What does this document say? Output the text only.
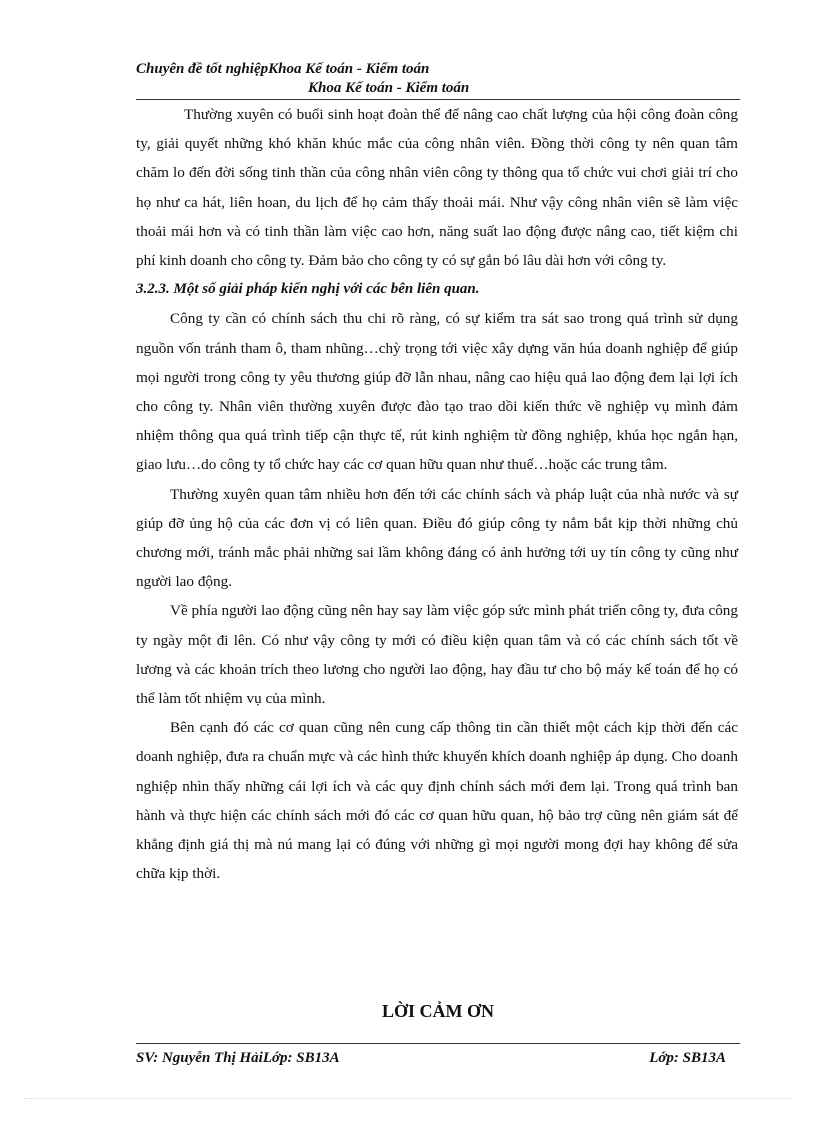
Chuyên đề tốt nghiệpKhoa Kế toán - Kiểm toán
Khoa Kế toán - Kiểm toán

Thường xuyên có buổi sinh hoạt đoàn thể để nâng cao chất lượng của hội công đoàn công ty, giải quyết những khó khăn khúc mắc của công nhân viên. Đồng thời công ty nên quan tâm chăm lo đến đời sống tinh thần của công nhân viên công ty thông qua tổ chức vui chơi giải trí cho họ như ca hát, liên hoan, du lịch để họ cảm thấy thoải mái. Như vậy công nhân viên sẽ làm việc thoải mái hơn và có tinh thần làm việc cao hơn, năng suất lao động được nâng cao, tiết kiệm chi phí kinh doanh cho công ty. Đảm bảo cho công ty có sự gắn bó lâu dài hơn với công ty.

3.2.3. Một số giải pháp kiến nghị với các bên liên quan.

Công ty cần có chính sách thu chi rõ ràng, có sự kiểm tra sát sao trong quá trình sử dụng nguồn vốn tránh tham ô, tham nhũng…chỳ trọng tới việc xây dựng văn húa doanh nghiệp để giúp mọi người trong công ty yêu thương giúp đỡ lẫn nhau, nâng cao hiệu quả lao động đem lại lợi ích cho công ty. Nhân viên thường xuyên được đào tạo trao dồi kiến thức về nghiệp vụ mình đảm nhiệm thông qua quá trình tiếp cận thực tế, rút kinh nghiệm từ đồng nghiệp, khúa học ngắn hạn, giao lưu…do công ty tổ chức hay các cơ quan hữu quan như thuế…hoặc các trung tâm.

Thường xuyên quan tâm nhiều hơn đến tới các chính sách và pháp luật của nhà nước và sự giúp đỡ ủng hộ của các đơn vị có liên quan. Điều đó giúp công ty nắm bắt kịp thời những chủ chương mới, tránh mắc phải những sai lầm không đáng có ảnh hưởng tới uy tín công ty cũng như người lao động.

Về phía người lao động cũng nên hay say làm việc góp sức mình phát triển công ty, đưa công ty ngày một đi lên. Có như vậy công ty mới có điều kiện quan tâm và có các chính sách tốt về lương và các khoản trích theo lương cho người lao động, hay đầu tư cho bộ máy kế toán để họ có thể làm tốt nhiệm vụ của mình.

Bên cạnh đó các cơ quan cũng nên cung cấp thông tin cần thiết một cách kịp thời đến các doanh nghiệp, đưa ra chuẩn mực và các hình thức khuyến khích doanh nghiệp áp dụng. Cho doanh nghiệp nhìn thấy những cái lợi ích và các quy định chính sách mới đem lại. Trong quá trình ban hành và thực hiện các chính sách mới đó các cơ quan hữu quan, hộ bảo trợ cũng nên giám sát để khẳng định giá thị mà nú mang lại có đúng với những gì mọi người mong đợi hay không để sửa chữa kịp thời.

LỜI CẢM ƠN
SV: Nguyễn Thị HảiLớp: SB13A	Lớp: SB13A
